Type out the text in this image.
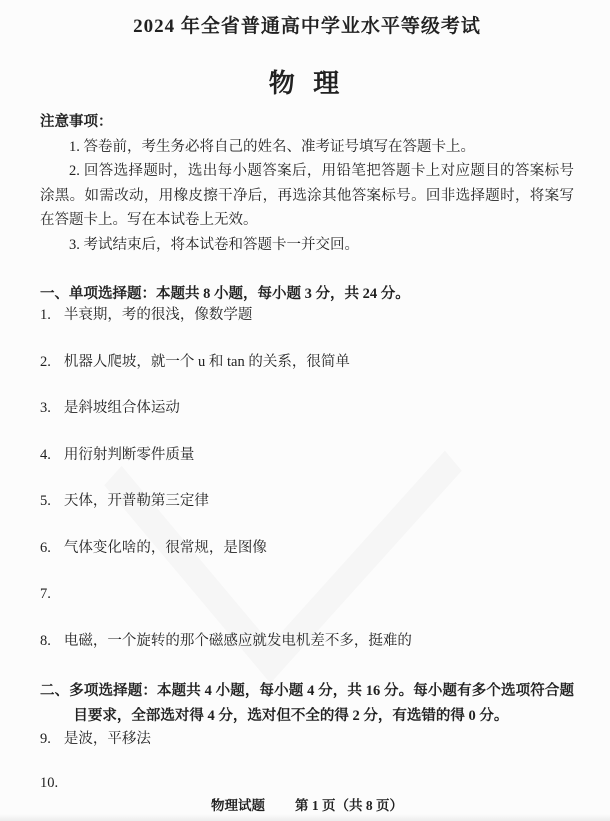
2024 年全省普通高中学业水平等级考试
物 理
注意事项：

1. 答卷前，考生务必将自己的姓名、准考证号填写在答题卡上。

2. 回答选择题时，选出每小题答案后，用铅笔把答题卡上对应题目的答案标号涂黑。如需改动，用橡皮擦干净后，再选涂其他答案标号。回非选择题时，将案写在答题卡上。写在本试卷上无效。

3. 考试结束后，将本试卷和答题卡一并交回。

一、单项选择题：本题共 8 小题，每小题 3 分，共 24 分。

1. 半衰期，考的很浅，像数学题

2. 机器人爬坡，就一个 u 和 tan 的关系，很简单

3. 是斜坡组合体运动

4. 用衍射判断零件质量

5. 天体，开普勒第三定律

6. 气体变化啥的，很常规，是图像

7.

8. 电磁，一个旋转的那个磁感应就发电机差不多，挺难的

二、多项选择题：本题共 4 小题，每小题 4 分，共 16 分。每小题有多个选项符合题目要求，全部选对得 4 分，选对但不全的得 2 分，有选错的得 0 分。

9. 是波，平移法

10.

物理试题 第 1 页（共 8 页）
